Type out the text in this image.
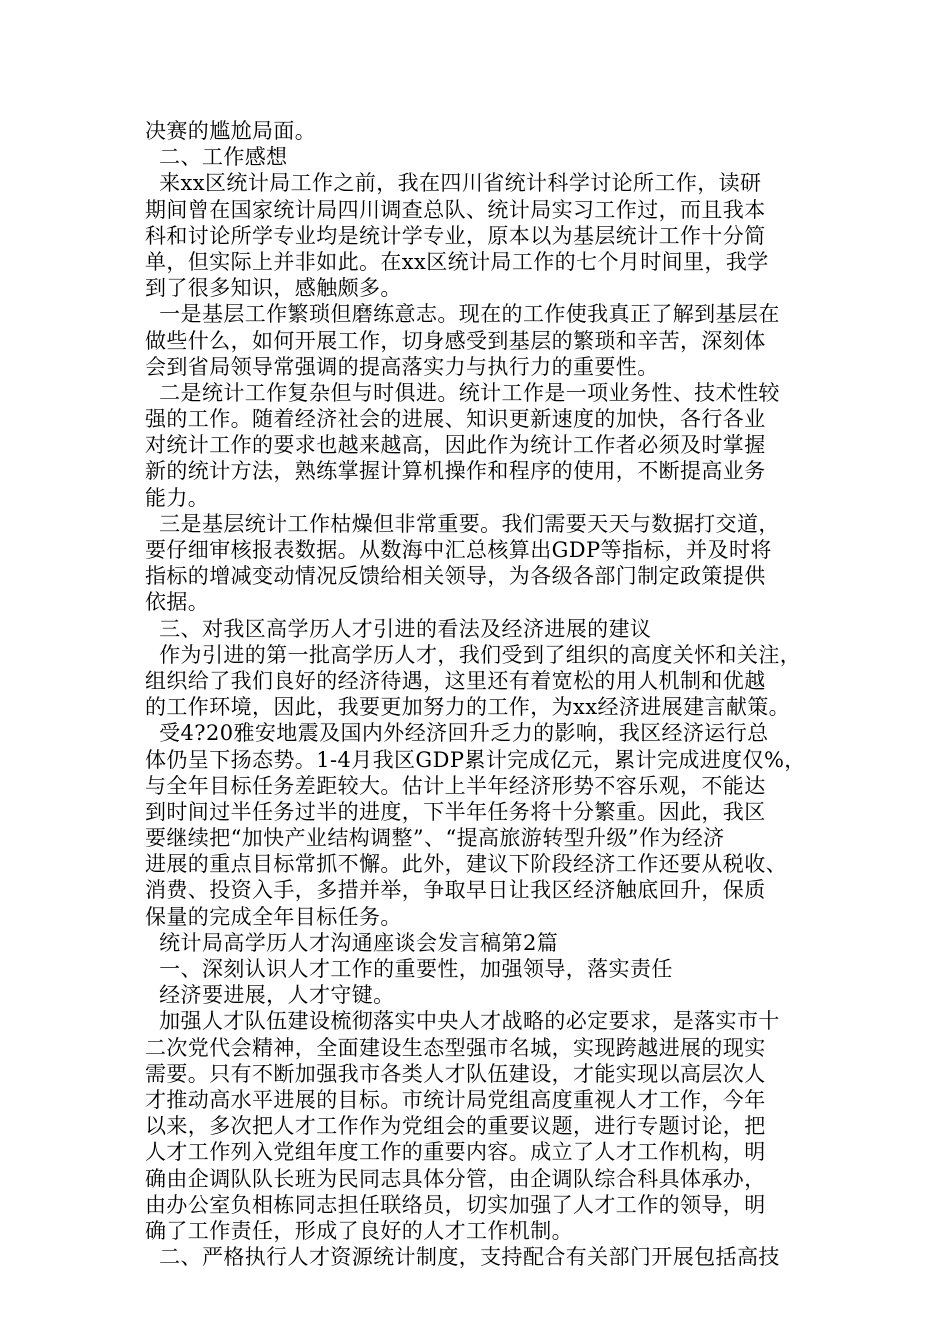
决赛的尴尬局面。
二、工作感想
来xx区统计局工作之前，我在四川省统计科学讨论所工作，读研
期间曾在国家统计局四川调查总队、统计局实习工作过，而且我本
科和讨论所学专业均是统计学专业，原本以为基层统计工作十分简
单，但实际上并非如此。在xx区统计局工作的七个月时间里，我学
到了很多知识，感触颇多。
一是基层工作繁琐但磨练意志。现在的工作使我真正了解到基层在
做些什么，如何开展工作，切身感受到基层的繁琐和辛苦，深刻体
会到省局领导常强调的提高落实力与执行力的重要性。
二是统计工作复杂但与时俱进。统计工作是一项业务性、技术性较
强的工作。随着经济社会的进展、知识更新速度的加快，各行各业
对统计工作的要求也越来越高，因此作为统计工作者必须及时掌握
新的统计方法，熟练掌握计算机操作和程序的使用，不断提高业务
能力。
三是基层统计工作枯燥但非常重要。我们需要天天与数据打交道，
要仔细审核报表数据。从数海中汇总核算出GDP等指标，并及时将
指标的增减变动情况反馈给相关领导，为各级各部门制定政策提供
依据。
三、对我区高学历人才引进的看法及经济进展的建议
作为引进的第一批高学历人才，我们受到了组织的高度关怀和关注，
组织给了我们良好的经济待遇，这里还有着宽松的用人机制和优越
的工作环境，因此，我要更加努力的工作，为xx经济进展建言献策。
受4?20雅安地震及国内外经济回升乏力的影响，我区经济运行总
体仍呈下扬态势。1-4月我区GDP累计完成亿元，累计完成进度仅%，
与全年目标任务差距较大。估计上半年经济形势不容乐观，不能达
到时间过半任务过半的进度，下半年任务将十分繁重。因此，我区
要继续把“加快产业结构调整”、“提高旅游转型升级”作为经济
进展的重点目标常抓不懈。此外，建议下阶段经济工作还要从税收、
消费、投资入手，多措并举，争取早日让我区经济触底回升，保质
保量的完成全年目标任务。
统计局高学历人才沟通座谈会发言稿第2篇
一、深刻认识人才工作的重要性，加强领导，落实责任
经济要进展，人才守键。
加强人才队伍建设梳彻落实中央人才战略的必定要求，是落实市十
二次党代会精神，全面建设生态型强市名城，实现跨越进展的现实
需要。只有不断加强我市各类人才队伍建设，才能实现以高层次人
才推动高水平进展的目标。市统计局党组高度重视人才工作，今年
以来，多次把人才工作作为党组会的重要议题，进行专题讨论，把
人才工作列入党组年度工作的重要内容。成立了人才工作机构，明
确由企调队队长班为民同志具体分管，由企调队综合科具体承办，
由办公室负相栋同志担任联络员，切实加强了人才工作的领导，明
确了工作责任，形成了良好的人才工作机制。
二、严格执行人才资源统计制度，支持配合有关部门开展包括高技
